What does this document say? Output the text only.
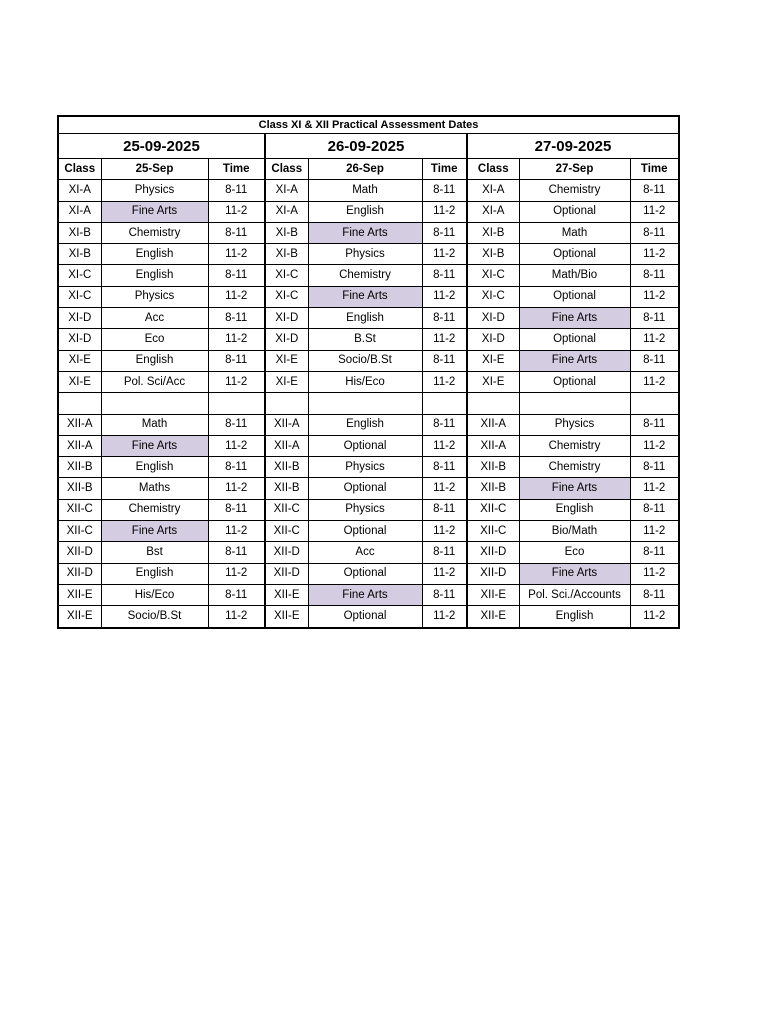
Class XI & XII Practical Assessment Dates								
25-09-2025			26-09-2025			27-09-2025		
Class	25-Sep	Time	Class	26-Sep	Time	Class	27-Sep	Time
XI-A	Physics	8-11	XI-A	Math	8-11	XI-A	Chemistry	8-11
XI-A	Fine Arts	11-2	XI-A	English	11-2	XI-A	Optional	11-2
XI-B	Chemistry	8-11	XI-B	Fine Arts	8-11	XI-B	Math	8-11
XI-B	English	11-2	XI-B	Physics	11-2	XI-B	Optional	11-2
XI-C	English	8-11	XI-C	Chemistry	8-11	XI-C	Math/Bio	8-11
XI-C	Physics	11-2	XI-C	Fine Arts	11-2	XI-C	Optional	11-2
XI-D	Acc	8-11	XI-D	English	8-11	XI-D	Fine Arts	8-11
XI-D	Eco	11-2	XI-D	B.St	11-2	XI-D	Optional	11-2
XI-E	English	8-11	XI-E	Socio/B.St	8-11	XI-E	Fine Arts	8-11
XI-E	Pol. Sci/Acc	11-2	XI-E	His/Eco	11-2	XI-E	Optional	11-2

XII-A	Math	8-11	XII-A	English	8-11	XII-A	Physics	8-11
XII-A	Fine Arts	11-2	XII-A	Optional	11-2	XII-A	Chemistry	11-2
XII-B	English	8-11	XII-B	Physics	8-11	XII-B	Chemistry	8-11
XII-B	Maths	11-2	XII-B	Optional	11-2	XII-B	Fine Arts	11-2
XII-C	Chemistry	8-11	XII-C	Physics	8-11	XII-C	English	8-11
XII-C	Fine Arts	11-2	XII-C	Optional	11-2	XII-C	Bio/Math	11-2
XII-D	Bst	8-11	XII-D	Acc	8-11	XII-D	Eco	8-11
XII-D	English	11-2	XII-D	Optional	11-2	XII-D	Fine Arts	11-2
XII-E	His/Eco	8-11	XII-E	Fine Arts	8-11	XII-E	Pol. Sci./Accounts	8-11
XII-E	Socio/B.St	11-2	XII-E	Optional	11-2	XII-E	English	11-2
